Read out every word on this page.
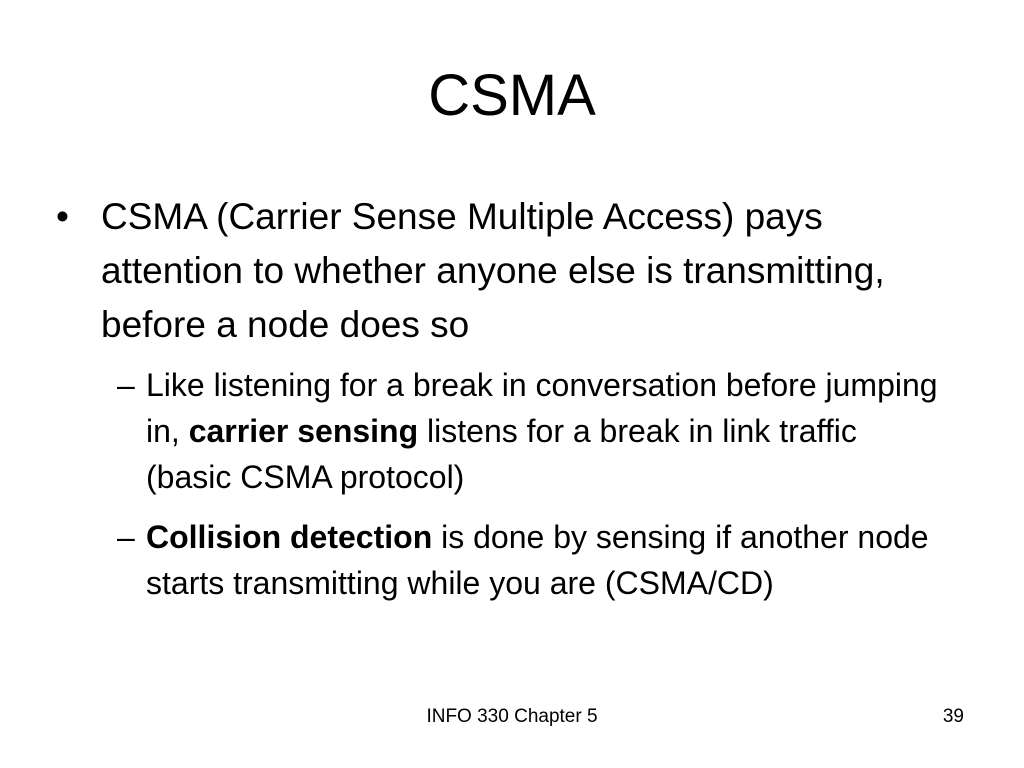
CSMA
• CSMA (Carrier Sense Multiple Access) pays attention to whether anyone else is transmitting, before a node does so
– Like listening for a break in conversation before jumping in, carrier sensing listens for a break in link traffic (basic CSMA protocol)
– Collision detection is done by sensing if another node starts transmitting while you are (CSMA/CD)
INFO 330 Chapter 5	39
